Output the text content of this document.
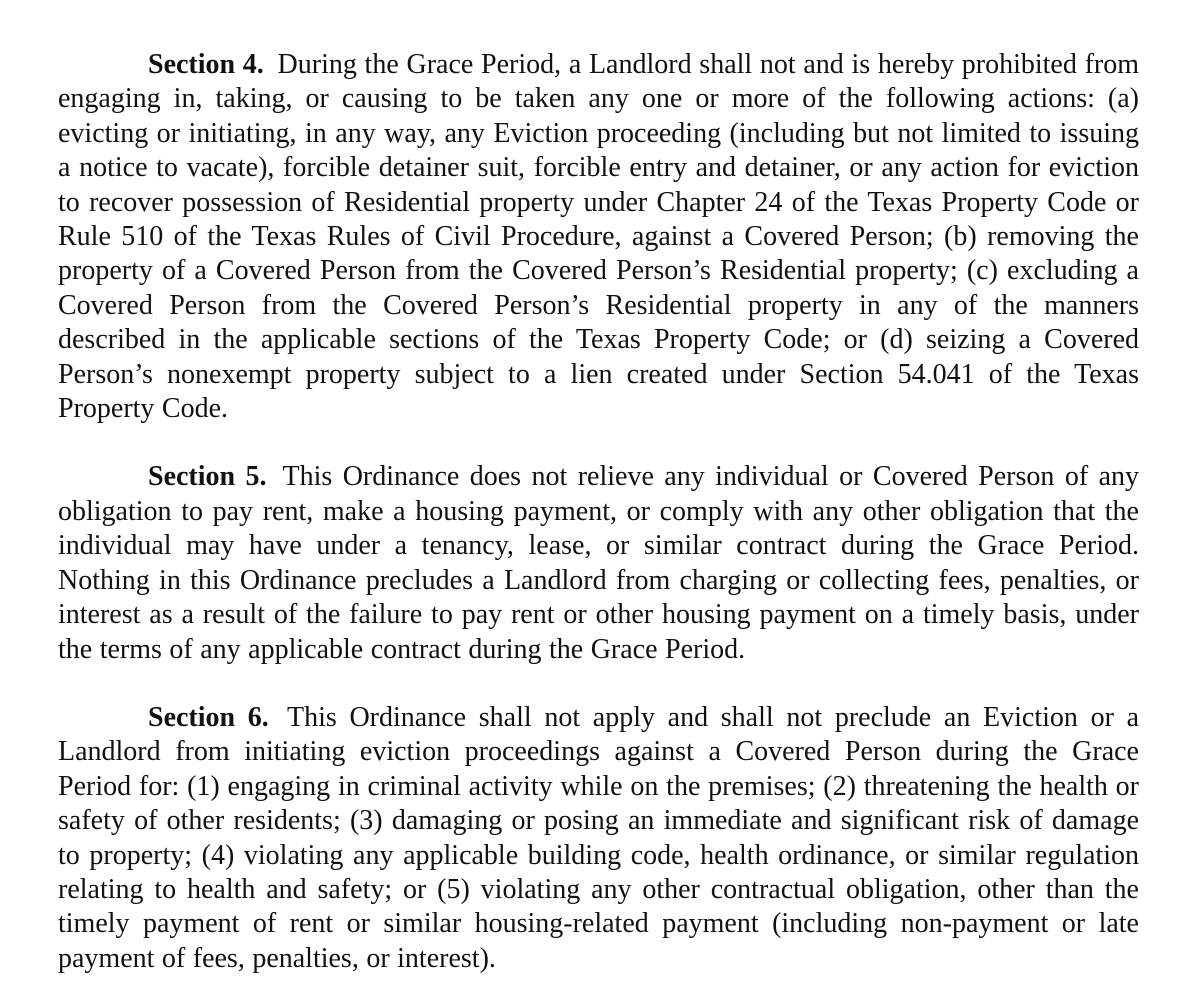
Section 4. During the Grace Period, a Landlord shall not and is hereby prohibited from engaging in, taking, or causing to be taken any one or more of the following actions: (a) evicting or initiating, in any way, any Eviction proceeding (including but not limited to issuing a notice to vacate), forcible detainer suit, forcible entry and detainer, or any action for eviction to recover possession of Residential property under Chapter 24 of the Texas Property Code or Rule 510 of the Texas Rules of Civil Procedure, against a Covered Person; (b) removing the property of a Covered Person from the Covered Person’s Residential property; (c) excluding a Covered Person from the Covered Person’s Residential property in any of the manners described in the applicable sections of the Texas Property Code; or (d) seizing a Covered Person’s nonexempt property subject to a lien created under Section 54.041 of the Texas Property Code.

Section 5. This Ordinance does not relieve any individual or Covered Person of any obligation to pay rent, make a housing payment, or comply with any other obligation that the individual may have under a tenancy, lease, or similar contract during the Grace Period. Nothing in this Ordinance precludes a Landlord from charging or collecting fees, penalties, or interest as a result of the failure to pay rent or other housing payment on a timely basis, under the terms of any applicable contract during the Grace Period.

Section 6. This Ordinance shall not apply and shall not preclude an Eviction or a Landlord from initiating eviction proceedings against a Covered Person during the Grace Period for: (1) engaging in criminal activity while on the premises; (2) threatening the health or safety of other residents; (3) damaging or posing an immediate and significant risk of damage to property; (4) violating any applicable building code, health ordinance, or similar regulation relating to health and safety; or (5) violating any other contractual obligation, other than the timely payment of rent or similar housing-related payment (including non-payment or late payment of fees, penalties, or interest).
